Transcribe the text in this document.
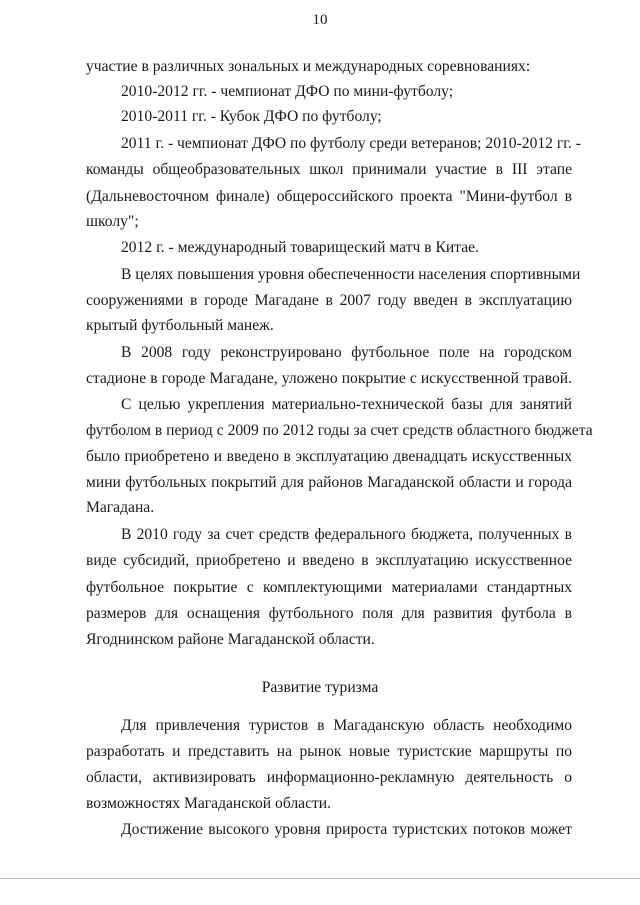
10
участие в различных зональных и международных соревнованиях:
2010-2012 гг. - чемпионат ДФО по мини-футболу;
2010-2011 гг. - Кубок ДФО по футболу;
2011 г. - чемпионат ДФО по футболу среди ветеранов; 2010-2012 гг. -
команды общеобразовательных школ принимали участие в III этапе
(Дальневосточном финале) общероссийского проекта "Мини-футбол в
школу";
2012 г. - международный товарищеский матч в Китае.
В целях повышения уровня обеспеченности населения спортивными
сооружениями в городе Магадане в 2007 году введен в эксплуатацию
крытый футбольный манеж.
В 2008 году реконструировано футбольное поле на городском
стадионе в городе Магадане, уложено покрытие с искусственной травой.
С целью укрепления материально-технической базы для занятий
футболом в период с 2009 по 2012 годы за счет средств областного бюджета
было приобретено и введено в эксплуатацию двенадцать искусственных
мини футбольных покрытий для районов Магаданской области и города
Магадана.
В 2010 году за счет средств федерального бюджета, полученных в
виде субсидий, приобретено и введено в эксплуатацию искусственное
футбольное покрытие с комплектующими материалами стандартных
размеров для оснащения футбольного поля для развития футбола в
Ягоднинском районе Магаданской области.
Развитие туризма
Для привлечения туристов в Магаданскую область необходимо
разработать и представить на рынок новые туристские маршруты по
области, активизировать информационно-рекламную деятельность о
возможностях Магаданской области.
Достижение высокого уровня прироста туристских потоков может
